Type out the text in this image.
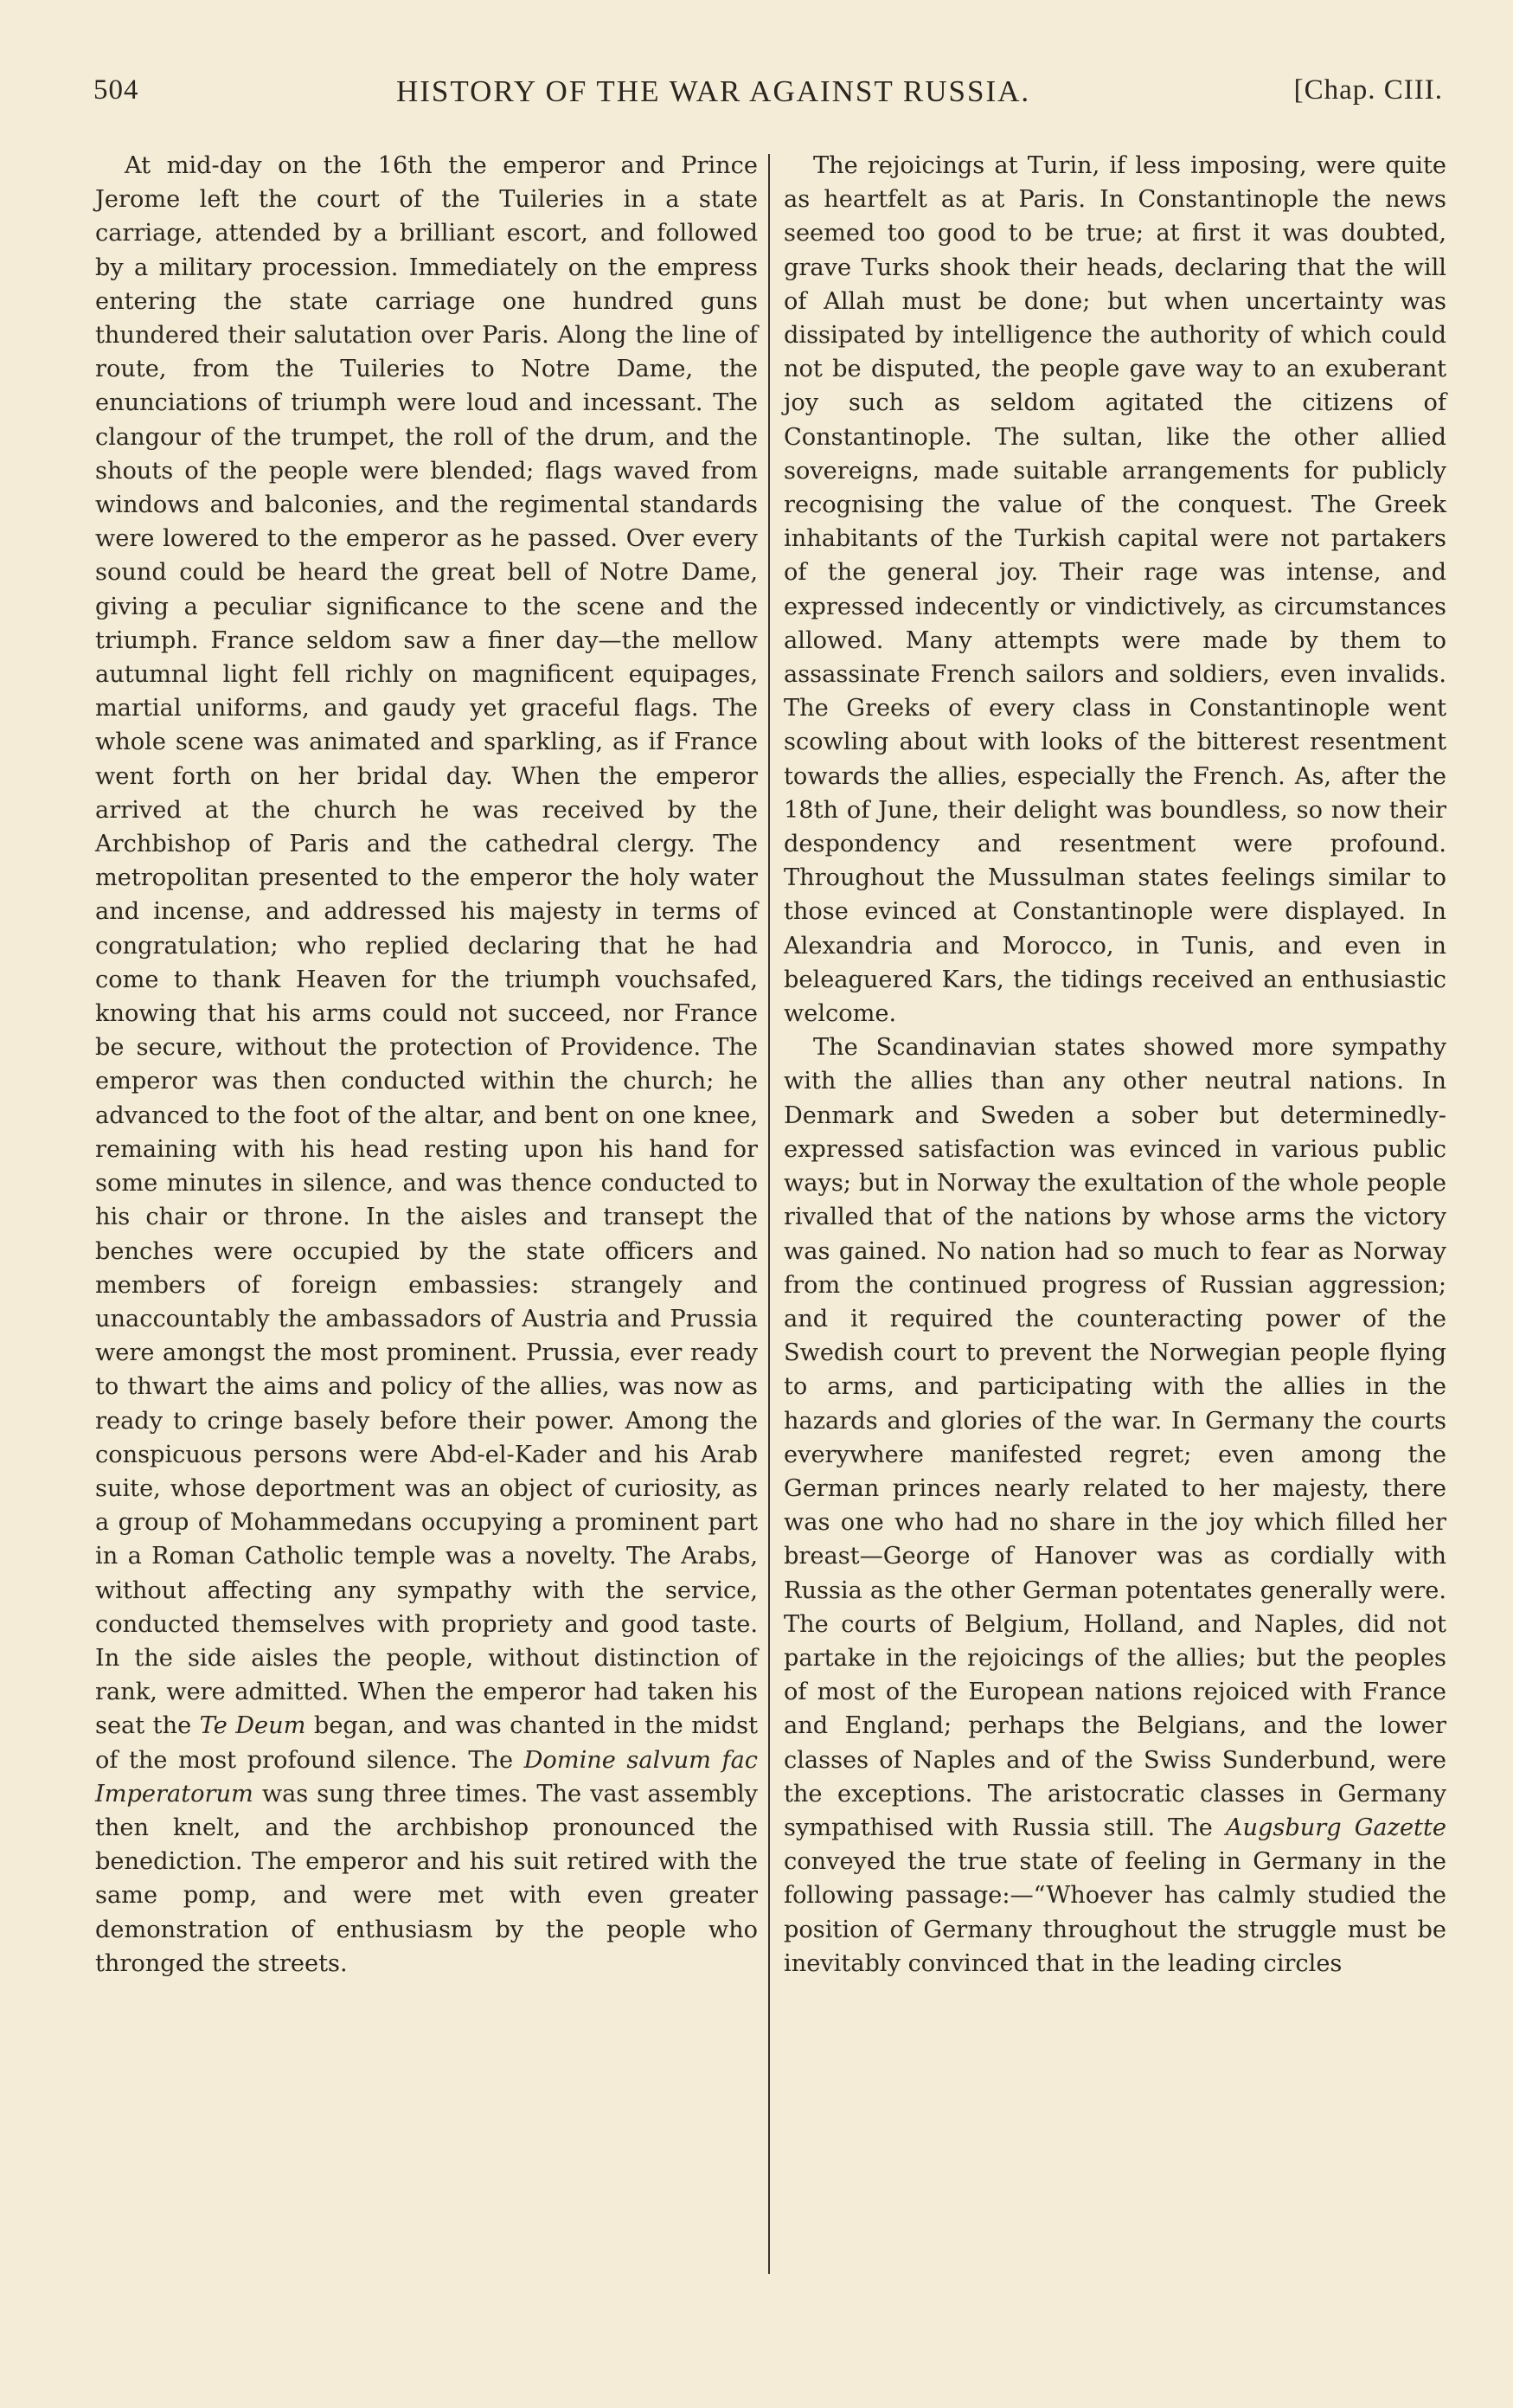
504	HISTORY OF THE WAR AGAINST RUSSIA.	[Chap. CIII.

At mid-day on the 16th the emperor and Prince Jerome left the court of the Tuileries in a state carriage, attended by a brilliant escort, and followed by a military procession. Immediately on the empress entering the state carriage one hundred guns thundered their salutation over Paris. Along the line of route, from the Tuileries to Notre Dame, the enunciations of triumph were loud and incessant. The clangour of the trumpet, the roll of the drum, and the shouts of the people were blended; flags waved from windows and balconies, and the regimental standards were lowered to the emperor as he passed. Over every sound could be heard the great bell of Notre Dame, giving a peculiar significance to the scene and the triumph. France seldom saw a finer day—the mellow autumnal light fell richly on magnificent equipages, martial uniforms, and gaudy yet graceful flags. The whole scene was animated and sparkling, as if France went forth on her bridal day. When the emperor arrived at the church he was received by the Archbishop of Paris and the cathedral clergy. The metropolitan presented to the emperor the holy water and incense, and addressed his majesty in terms of congratulation; who replied declaring that he had come to thank Heaven for the triumph vouchsafed, knowing that his arms could not succeed, nor France be secure, without the protection of Providence. The emperor was then conducted within the church; he advanced to the foot of the altar, and bent on one knee, remaining with his head resting upon his hand for some minutes in silence, and was thence conducted to his chair or throne. In the aisles and transept the benches were occupied by the state officers and members of foreign embassies: strangely and unaccountably the ambassadors of Austria and Prussia were amongst the most prominent. Prussia, ever ready to thwart the aims and policy of the allies, was now as ready to cringe basely before their power. Among the conspicuous persons were Abd-el-Kader and his Arab suite, whose deportment was an object of curiosity, as a group of Mohammedans occupying a prominent part in a Roman Catholic temple was a novelty. The Arabs, without affecting any sympathy with the service, conducted themselves with propriety and good taste. In the side aisles the people, without distinction of rank, were admitted. When the emperor had taken his seat the Te Deum began, and was chanted in the midst of the most profound silence. The Domine salvum fac Imperatorum was sung three times. The vast assembly then knelt, and the archbishop pronounced the benediction. The emperor and his suit retired with the same pomp, and were met with even greater demonstration of enthusiasm by the people who thronged the streets.

The rejoicings at Turin, if less imposing, were quite as heartfelt as at Paris. In Constantinople the news seemed too good to be true; at first it was doubted, grave Turks shook their heads, declaring that the will of Allah must be done; but when uncertainty was dissipated by intelligence the authority of which could not be disputed, the people gave way to an exuberant joy such as seldom agitated the citizens of Constantinople. The sultan, like the other allied sovereigns, made suitable arrangements for publicly recognising the value of the conquest. The Greek inhabitants of the Turkish capital were not partakers of the general joy. Their rage was intense, and expressed indecently or vindictively, as circumstances allowed. Many attempts were made by them to assassinate French sailors and soldiers, even invalids. The Greeks of every class in Constantinople went scowling about with looks of the bitterest resentment towards the allies, especially the French. As, after the 18th of June, their delight was boundless, so now their despondency and resentment were profound. Throughout the Mussulman states feelings similar to those evinced at Constantinople were displayed. In Alexandria and Morocco, in Tunis, and even in beleaguered Kars, the tidings received an enthusiastic welcome.

The Scandinavian states showed more sympathy with the allies than any other neutral nations. In Denmark and Sweden a sober but determinedly-expressed satisfaction was evinced in various public ways; but in Norway the exultation of the whole people rivalled that of the nations by whose arms the victory was gained. No nation had so much to fear as Norway from the continued progress of Russian aggression; and it required the counteracting power of the Swedish court to prevent the Norwegian people flying to arms, and participating with the allies in the hazards and glories of the war. In Germany the courts everywhere manifested regret; even among the German princes nearly related to her majesty, there was one who had no share in the joy which filled her breast—George of Hanover was as cordially with Russia as the other German potentates generally were. The courts of Belgium, Holland, and Naples, did not partake in the rejoicings of the allies; but the peoples of most of the European nations rejoiced with France and England; perhaps the Belgians, and the lower classes of Naples and of the Swiss Sunderbund, were the exceptions. The aristocratic classes in Germany sympathised with Russia still. The Augsburg Gazette conveyed the true state of feeling in Germany in the following passage:—“Whoever has calmly studied the position of Germany throughout the struggle must be inevitably convinced that in the leading circles
